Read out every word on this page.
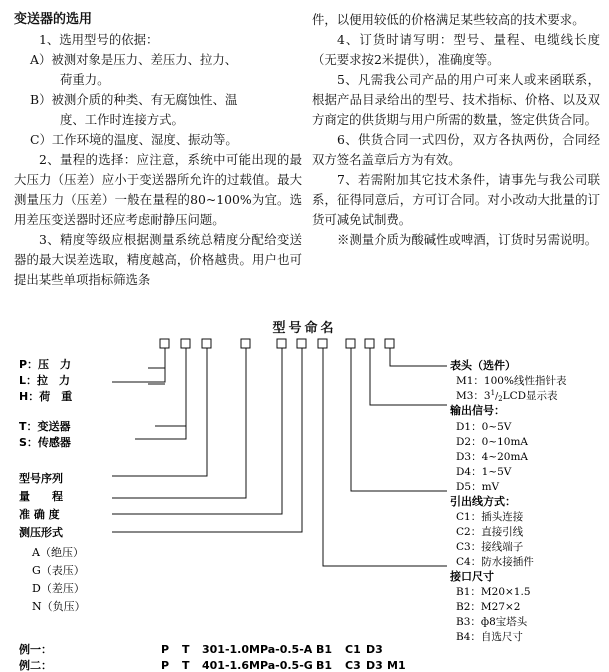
变送器的选用

1、选用型号的依据：

A）被测对象是压力、差压力、拉力、

荷重力。

B）被测介质的种类、有无腐蚀性、温

度、工作时连接方式。

C）工作环境的温度、湿度、振动等。

2、量程的选择：应注意，系统中可能出现的最大压力（压差）应小于变送器所允许的过载值。最大测量压力（压差）一般在量程的80~100%为宜。选用差压变送器时还应考虑耐静压问题。

3、精度等级应根据测量系统总精度分配给变送器的最大误差选取，精度越高，价格越贵。用户也可提出某些单项指标筛选条

件，以便用较低的价格满足某些较高的技术要求。

4、订货时请写明：型号、量程、电缆线长度（无要求按2米提供），准确度等。

5、凡需我公司产品的用户可来人或来函联系，根据产品目录给出的型号、技术指标、价格、以及双方商定的供货期与用户所需的数量，签定供货合同。

6、供货合同一式四份，双方各执两份，合同经双方签名盖章后方为有效。

7、若需附加其它技术条件，请事先与我公司联系，征得同意后，方可订合同。对小改动大批量的订货可减免试制费。

※测量介质为酸碱性或啤酒，订货时另需说明。

型号命名
P：压　力
L：拉　力
H：荷　重
T：变送器
S：传感器
型号序列
量　　程
准 确 度
测压形式
A（绝压）
G（表压）
D（差压）
N（负压）
表头（选件）
M1：100%线性指针表
M3：$3^1/2LCD$显示表
输出信号：
D1：0~5V
D2：0~10mA
D3：4~20mA
D4：1~5V
D5：mV
引出线方式：
C1：插头连接
C2：直接引线
C3：接线端子
C4：防水接插件
接口尺寸
B1：M20×1.5
B2：M27×2
B3：ф8宝塔头
B4：自选尺寸
例一：	P T 301-1.0MPa-0.5-A B1 C1 D3
例二：	P T 401-1.6MPa-0.5-G B1 C3 D3 M1
